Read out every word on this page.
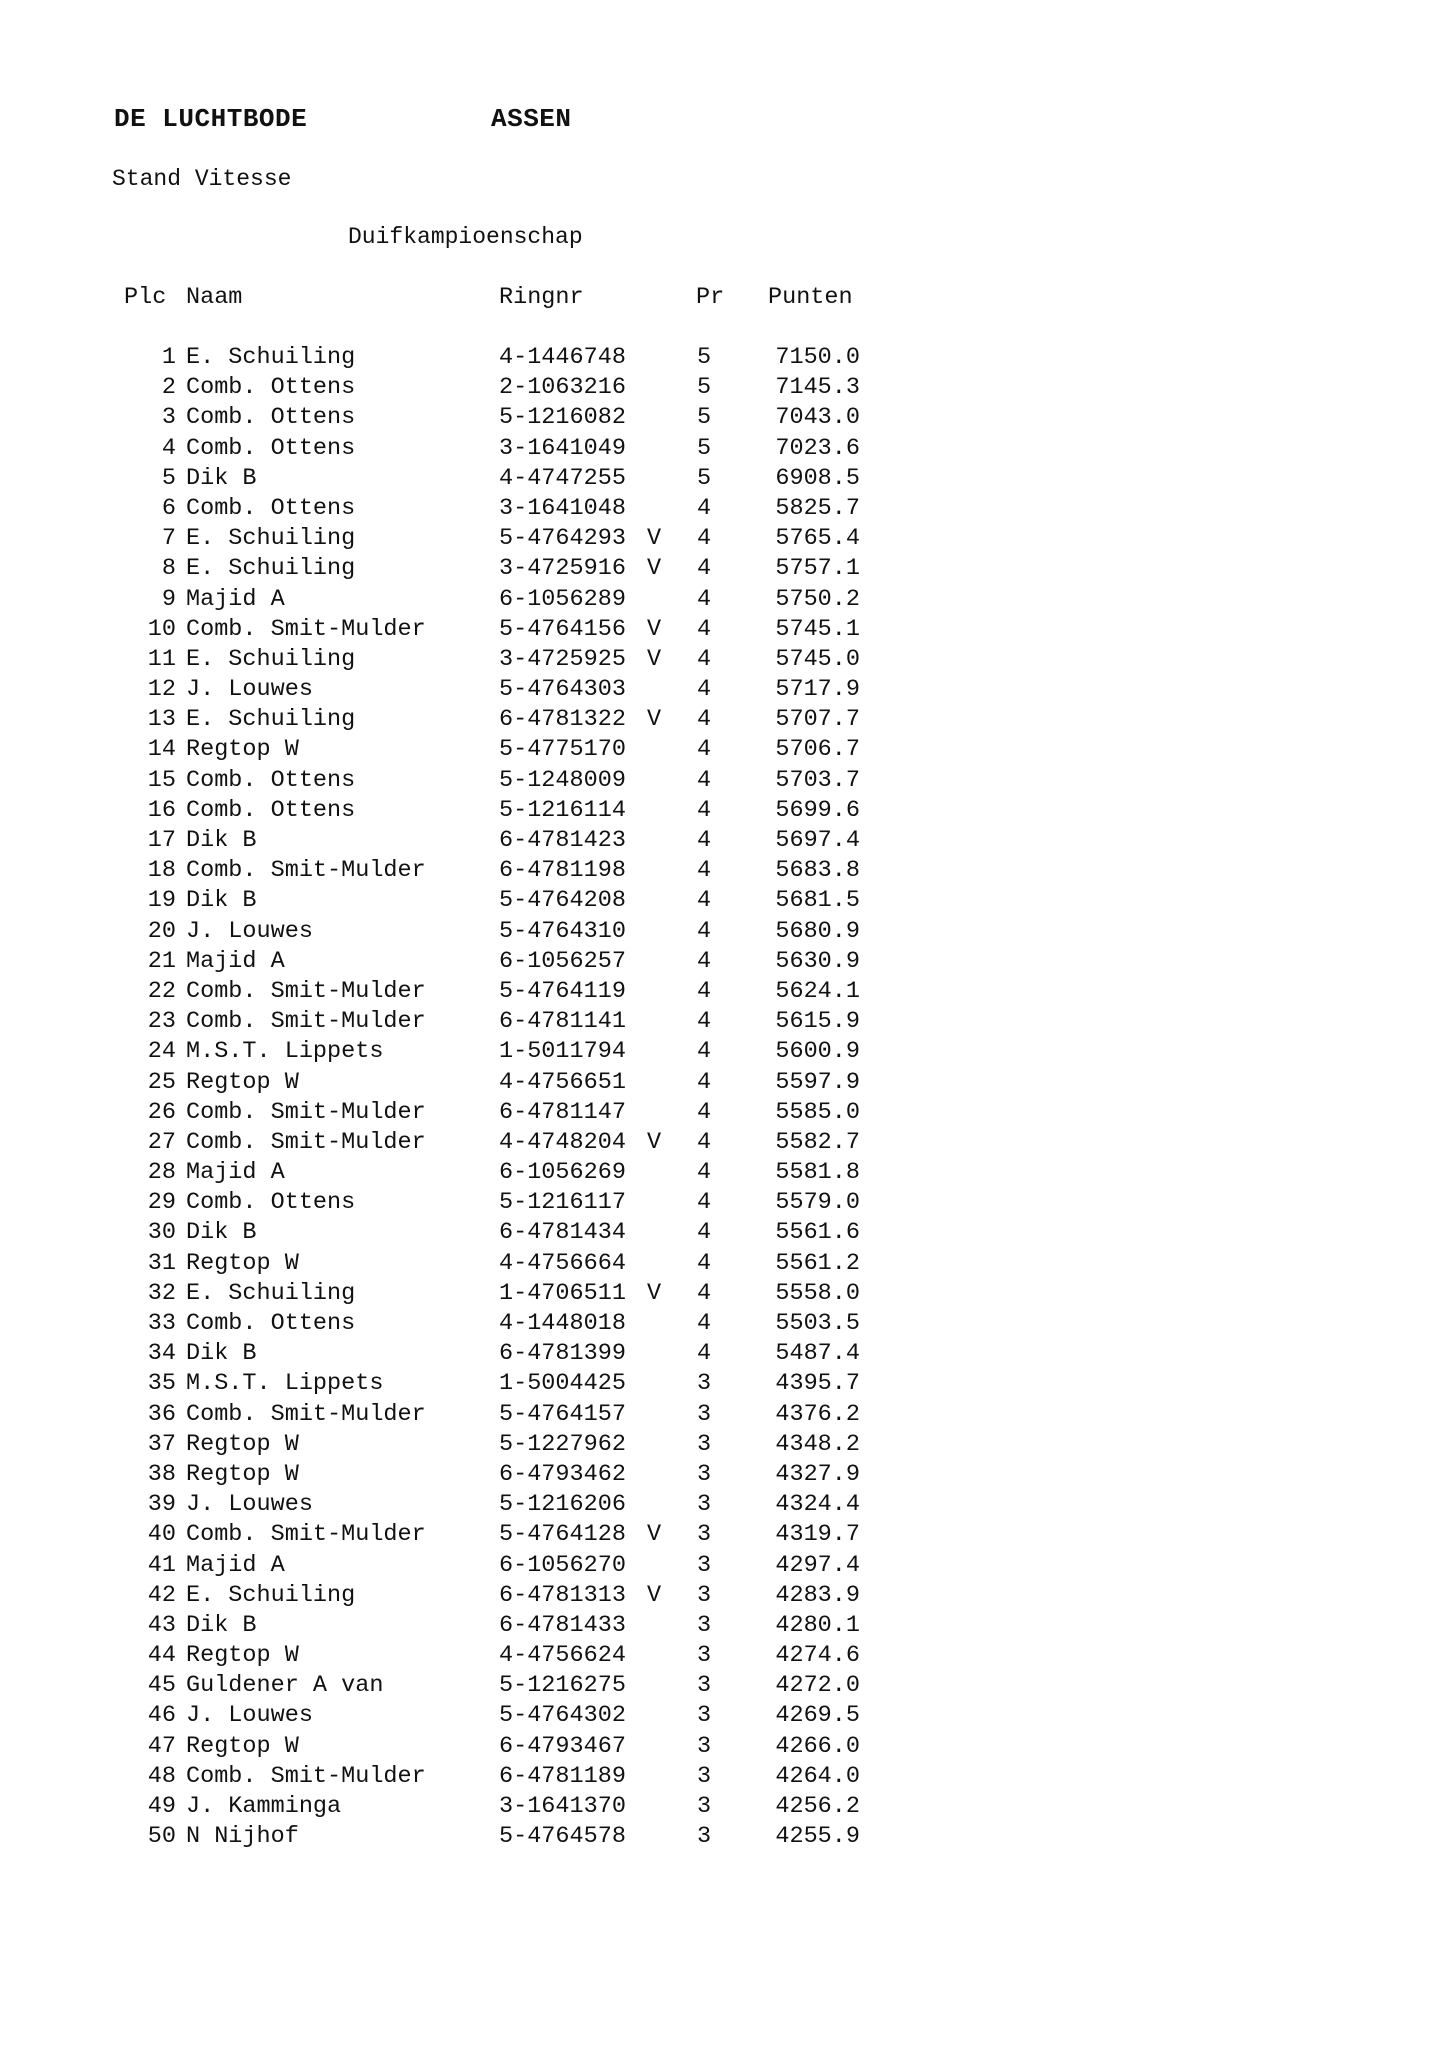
DE LUCHTBODE	ASSEN
Stand Vitesse
Duifkampioenschap
Plc Naam	Ringnr	Pr Punten
1 E. Schuiling	4-1446748	5	7150.0
2 Comb. Ottens	2-1063216	5	7145.3
3 Comb. Ottens	5-1216082	5	7043.0
4 Comb. Ottens	3-1641049	5	7023.6
5 Dik B	4-4747255	5	6908.5
6 Comb. Ottens	3-1641048	4	5825.7
7 E. Schuiling	5-4764293 V 4	5765.4
8 E. Schuiling	3-4725916 V 4	5757.1
9 Majid A	6-1056289	4	5750.2
10 Comb. Smit-Mulder	5-4764156 V 4	5745.1
11 E. Schuiling	3-4725925 V 4	5745.0
12 J. Louwes	5-4764303	4	5717.9
13 E. Schuiling	6-4781322 V 4	5707.7
14 Regtop W	5-4775170	4	5706.7
15 Comb. Ottens	5-1248009	4	5703.7
16 Comb. Ottens	5-1216114	4	5699.6
17 Dik B	6-4781423	4	5697.4
18 Comb. Smit-Mulder	6-4781198	4	5683.8
19 Dik B	5-4764208	4	5681.5
20 J. Louwes	5-4764310	4	5680.9
21 Majid A	6-1056257	4	5630.9
22 Comb. Smit-Mulder	5-4764119	4	5624.1
23 Comb. Smit-Mulder	6-4781141	4	5615.9
24 M.S.T. Lippets	1-5011794	4	5600.9
25 Regtop W	4-4756651	4	5597.9
26 Comb. Smit-Mulder	6-4781147	4	5585.0
27 Comb. Smit-Mulder	4-4748204 V 4	5582.7
28 Majid A	6-1056269	4	5581.8
29 Comb. Ottens	5-1216117	4	5579.0
30 Dik B	6-4781434	4	5561.6
31 Regtop W	4-4756664	4	5561.2
32 E. Schuiling	1-4706511 V 4	5558.0
33 Comb. Ottens	4-1448018	4	5503.5
34 Dik B	6-4781399	4	5487.4
35 M.S.T. Lippets	1-5004425	3	4395.7
36 Comb. Smit-Mulder	5-4764157	3	4376.2
37 Regtop W	5-1227962	3	4348.2
38 Regtop W	6-4793462	3	4327.9
39 J. Louwes	5-1216206	3	4324.4
40 Comb. Smit-Mulder	5-4764128 V 3	4319.7
41 Majid A	6-1056270	3	4297.4
42 E. Schuiling	6-4781313 V 3	4283.9
43 Dik B	6-4781433	3	4280.1
44 Regtop W	4-4756624	3	4274.6
45 Guldener A van	5-1216275	3	4272.0
46 J. Louwes	5-4764302	3	4269.5
47 Regtop W	6-4793467	3	4266.0
48 Comb. Smit-Mulder	6-4781189	3	4264.0
49 J. Kamminga	3-1641370	3	4256.2
50 N Nijhof	5-4764578	3	4255.9
